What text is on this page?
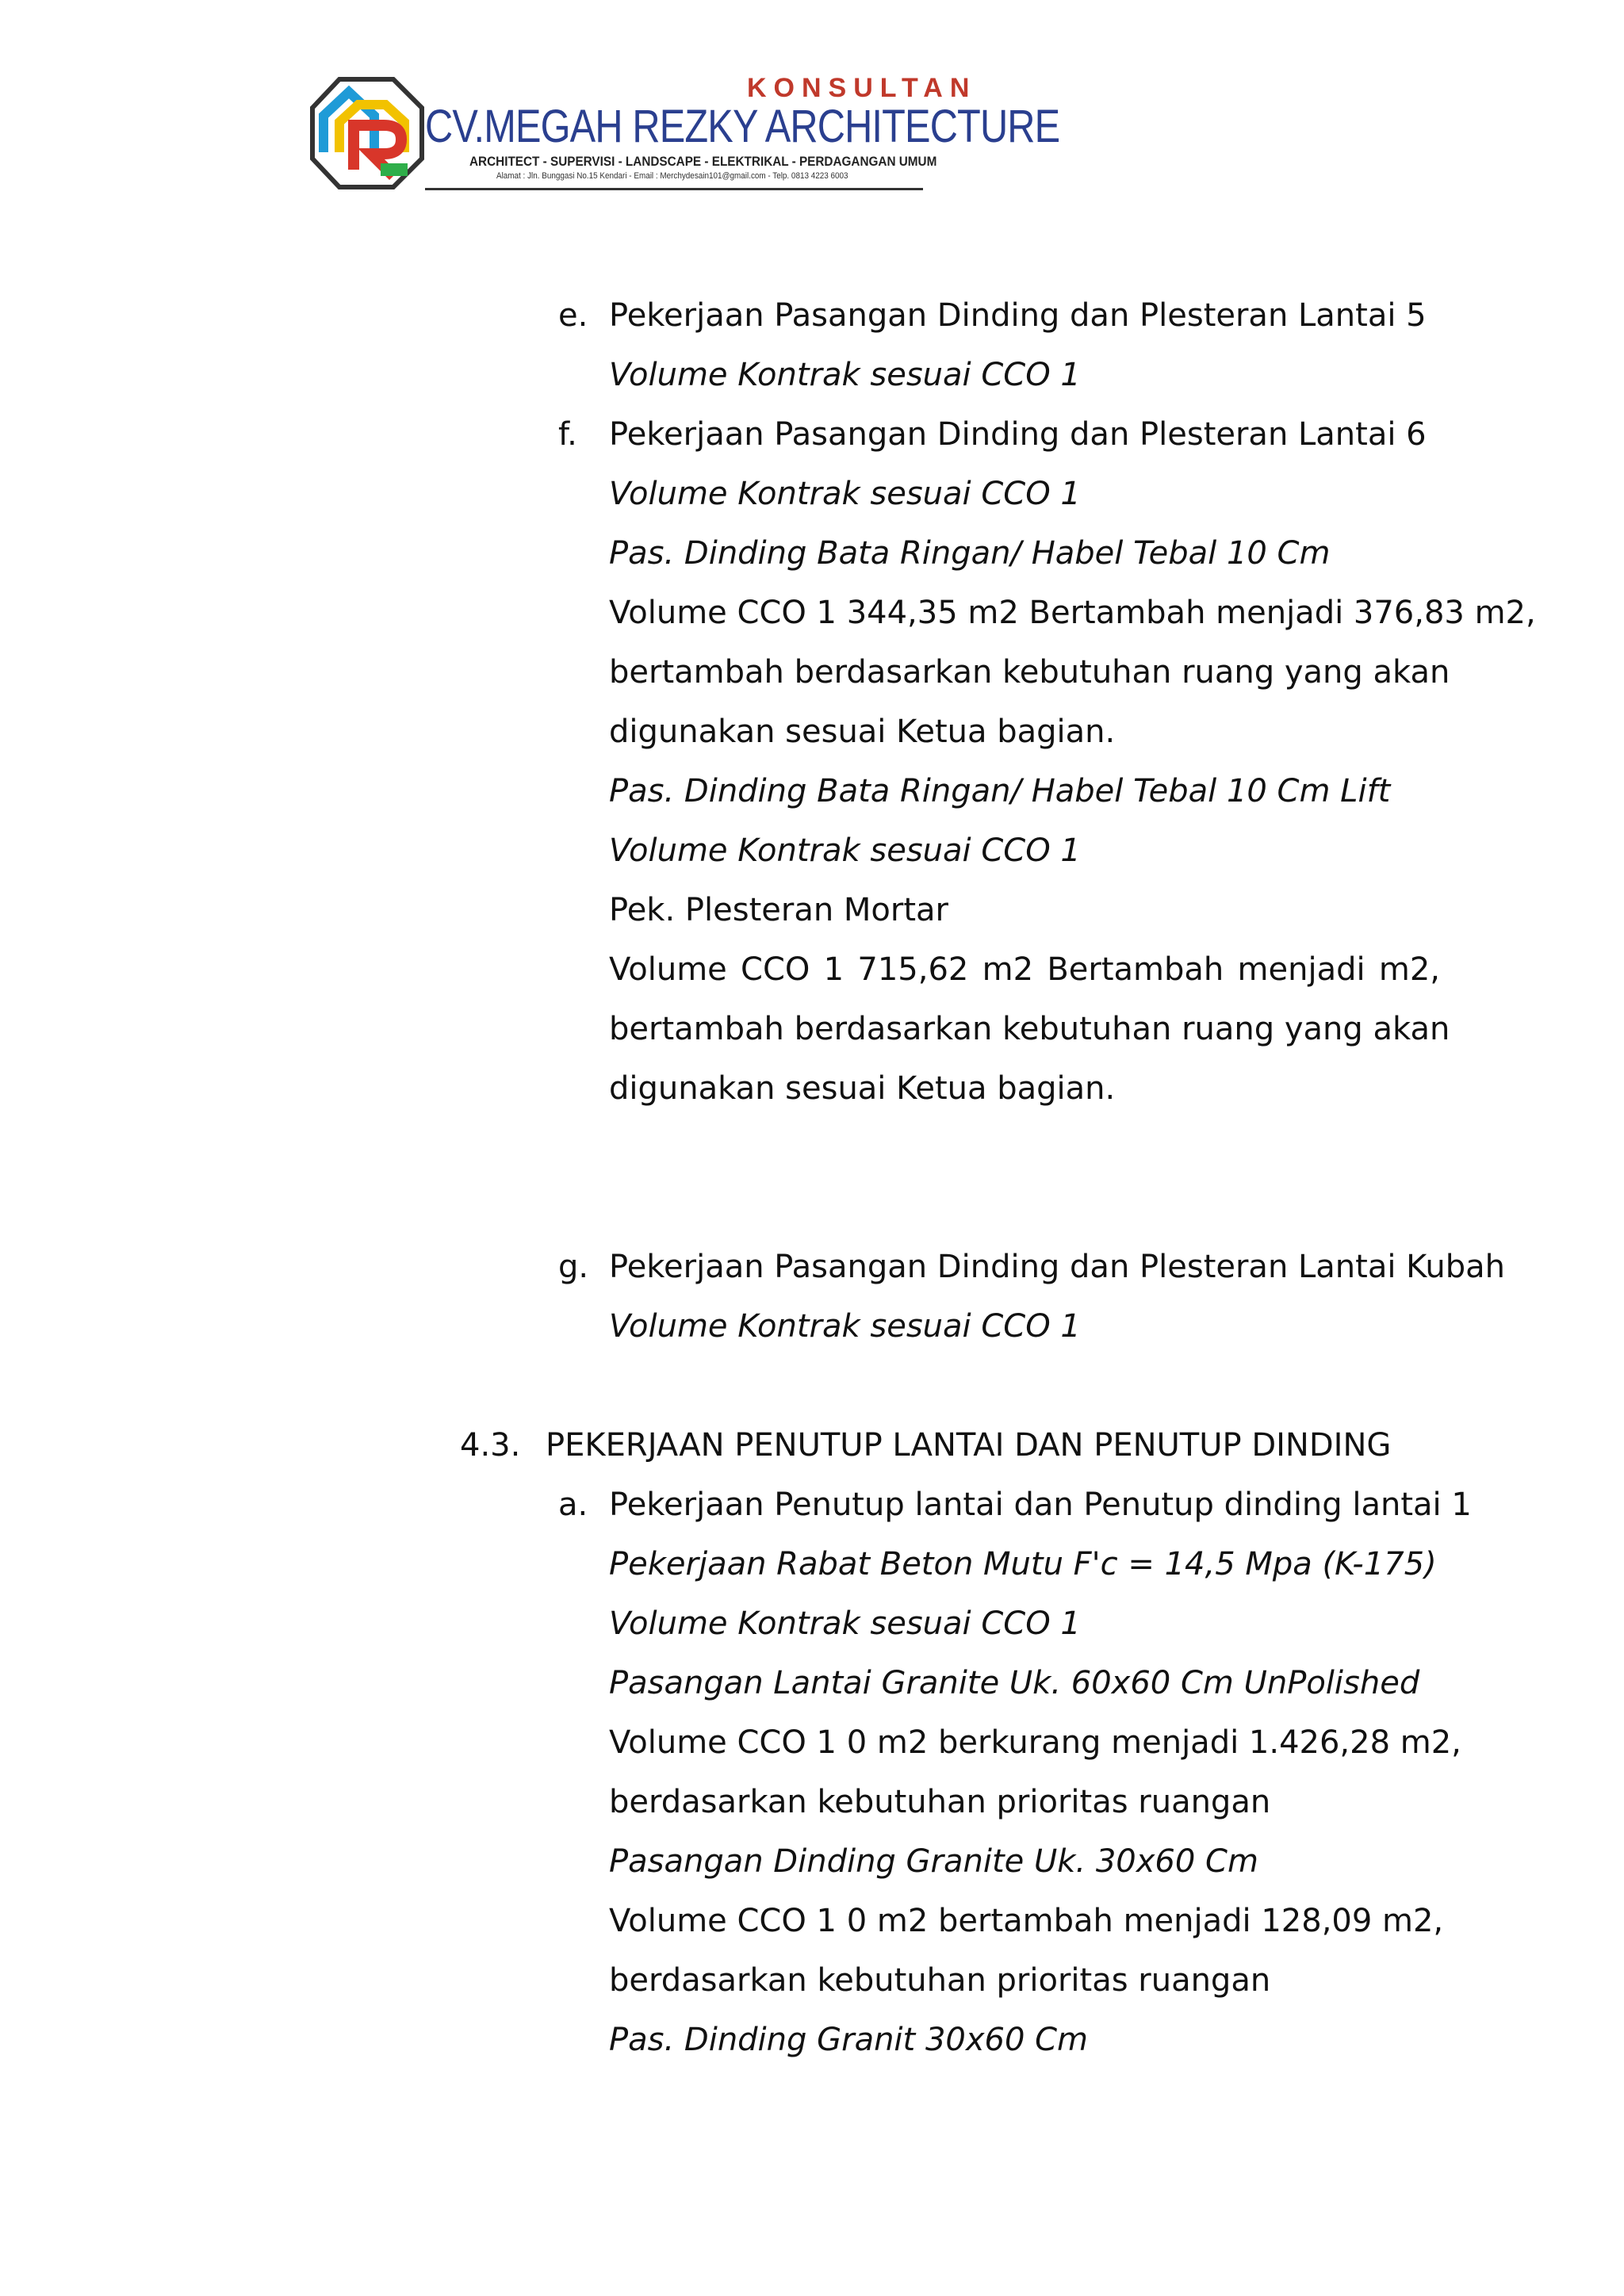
KONSULTAN
CV.MEGAH REZKY ARCHITECTURE
ARCHITECT - SUPERVISI - LANDSCAPE - ELEKTRIKAL - PERDAGANGAN UMUM
Alamat : Jln. Bunggasi No.15 Kendari - Email : Merchydesain101@gmail.com - Telp. 0813 4223 6003
e. Pekerjaan Pasangan Dinding dan Plesteran Lantai 5
Volume Kontrak sesuai CCO 1
f. Pekerjaan Pasangan Dinding dan Plesteran Lantai 6
Volume Kontrak sesuai CCO 1
Pas. Dinding Bata Ringan/ Habel Tebal 10 Cm
Volume CCO 1 344,35 m2 Bertambah menjadi 376,83 m2,
bertambah berdasarkan kebutuhan ruang yang akan
digunakan sesuai Ketua bagian.
Pas. Dinding Bata Ringan/ Habel Tebal 10 Cm Lift
Volume Kontrak sesuai CCO 1
Pek. Plesteran Mortar
Volume CCO 1 715,62 m2 Bertambah menjadi m2,
bertambah berdasarkan kebutuhan ruang yang akan
digunakan sesuai Ketua bagian.
g. Pekerjaan Pasangan Dinding dan Plesteran Lantai Kubah
Volume Kontrak sesuai CCO 1
4.3. PEKERJAAN PENUTUP LANTAI DAN PENUTUP DINDING
a. Pekerjaan Penutup lantai dan Penutup dinding lantai 1
Pekerjaan Rabat Beton Mutu F'c = 14,5 Mpa (K-175)
Volume Kontrak sesuai CCO 1
Pasangan Lantai Granite Uk. 60x60 Cm UnPolished
Volume CCO 1 0 m2 berkurang menjadi 1.426,28 m2,
berdasarkan kebutuhan prioritas ruangan
Pasangan Dinding Granite Uk. 30x60 Cm
Volume CCO 1 0 m2 bertambah menjadi 128,09 m2,
berdasarkan kebutuhan prioritas ruangan
Pas. Dinding Granit 30x60 Cm
